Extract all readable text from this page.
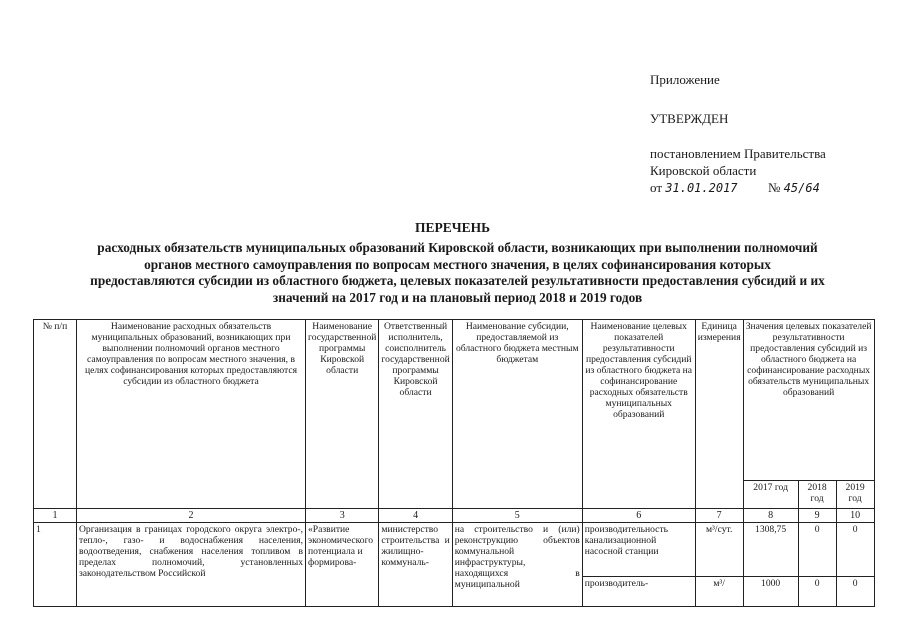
Приложение
УТВЕРЖДЕН
постановлением Правительства
Кировской области
от 31.01.2017 № 45/64
ПЕРЕЧЕНЬ
расходных обязательств муниципальных образований Кировской области, возникающих при выполнении полномочий органов местного самоуправления по вопросам местного значения, в целях софинансирования которых предоставляются субсидии из областного бюджета, целевых показателей результативности предоставления субсидий и их значений на 2017 год и на плановый период 2018 и 2019 годов
№ п/п	Наименование расходных обязательств муниципальных образований, возникающих при выполнении полномочий органов местного самоуправления по вопросам местного значения, в целях софинансирования которых предоставляются субсидии из областного бюджета	Наименование государственной программы Кировской области	Ответственный исполнитель, соисполнитель государственной программы Кировской области	Наименование субсидии, предоставляемой из областного бюджета местным бюджетам	Наименование целевых показателей результативности предоставления субсидий из областного бюджета на софинансирование расходных обязательств муниципальных образований	Единица измерения	Значения целевых показателей результативности предоставления субсидий из областного бюджета на софинансирование расходных обязательств муниципальных образований		
							2017 год	2018 год	2019 год
1	2	3	4	5	6	7	8	9	10
1	Организация в границах городского округа электро-, тепло-, газо- и водоснабжения населения, водоотведения, снабжения населения топливом в пределах полномочий, установленных законодательством Российской	«Развитие экономического потенциала и формирова-	министерство строительства и жилищно-коммуналь-	на строительство и (или) реконструкцию объектов коммунальной инфраструктуры, находящихся в муниципальной	производительность канализационной насосной станции	м³/сут.	1308,75	0	0
					производитель-	м³/	1000	0	0
